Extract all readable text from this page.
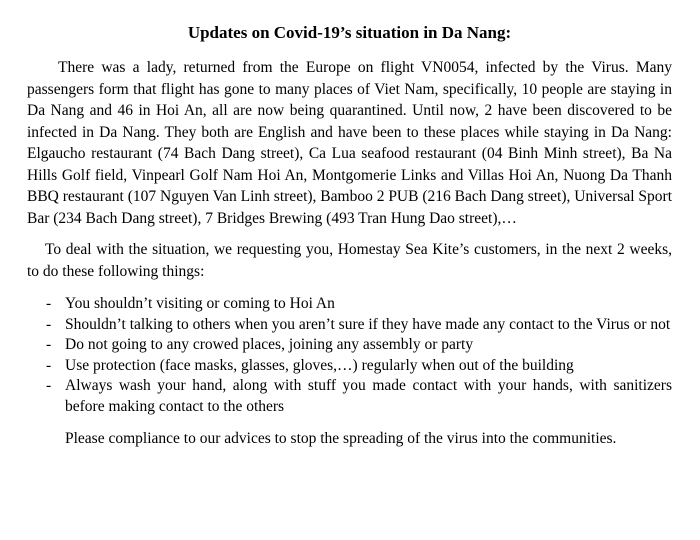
Updates on Covid-19’s situation in Da Nang:

There was a lady, returned from the Europe on flight VN0054, infected by the Virus. Many passengers form that flight has gone to many places of Viet Nam, specifically, 10 people are staying in Da Nang and 46 in Hoi An, all are now being quarantined. Until now, 2 have been discovered to be infected in Da Nang. They both are English and have been to these places while staying in Da Nang: Elgaucho restaurant (74 Bach Dang street), Ca Lua seafood restaurant (04 Binh Minh street), Ba Na Hills Golf field, Vinpearl Golf Nam Hoi An, Montgomerie Links and Villas Hoi An, Nuong Da Thanh BBQ restaurant (107 Nguyen Van Linh street), Bamboo 2 PUB (216 Bach Dang street), Universal Sport Bar (234 Bach Dang street), 7 Bridges Brewing (493 Tran Hung Dao street),…

To deal with the situation, we requesting you, Homestay Sea Kite’s customers, in the next 2 weeks, to do these following things:

- You shouldn’t visiting or coming to Hoi An
- Shouldn’t talking to others when you aren’t sure if they have made any contact to the Virus or not
- Do not going to any crowed places, joining any assembly or party
- Use protection (face masks, glasses, gloves,…) regularly when out of the building
- Always wash your hand, along with stuff you made contact with your hands, with sanitizers before making contact to the others

Please compliance to our advices to stop the spreading of the virus into the communities.
